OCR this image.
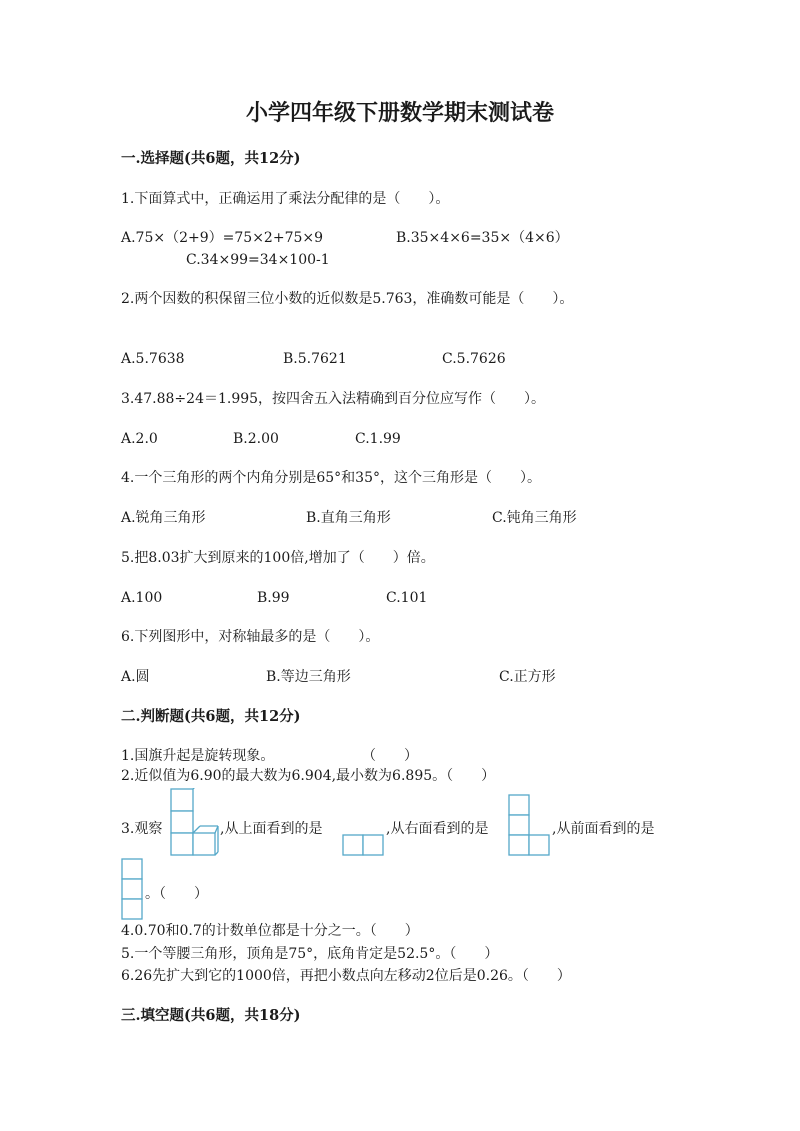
小学四年级下册数学期末测试卷
一.选择题(共6题，共12分)
1.下面算式中，正确运用了乘法分配律的是（　　）。
A.75×（2+9）=75×2+75×9	B.35×4×6=35×（4×6）
C.34×99=34×100-1
2.两个因数的积保留三位小数的近似数是5.763，准确数可能是（　　）。
A.5.7638	B.5.7621	C.5.7626
3.47.88÷24＝1.995，按四舍五入法精确到百分位应写作（　　）。
A.2.0	B.2.00	C.1.99
4.一个三角形的两个内角分别是65°和35°，这个三角形是（　　）。
A.锐角三角形	B.直角三角形	C.钝角三角形
5.把8.03扩大到原来的100倍,增加了（　　）倍。
A.100	B.99	C.101
6.下列图形中，对称轴最多的是（　　）。
A.圆	B.等边三角形	C.正方形
二.判断题(共6题，共12分)
1.国旗升起是旋转现象。	（　　）
2.近似值为6.90的最大数为6.904,最小数为6.895。（　　）
3.观察	,从上面看到的是	,从右面看到的是	,从前面看到的是
。（　　）
4.0.70和0.7的计数单位都是十分之一。（　　）
5.一个等腰三角形，顶角是75°，底角肯定是52.5°。（　　）
6.26先扩大到它的1000倍，再把小数点向左移动2位后是0.26。（　　）
三.填空题(共6题，共18分)
